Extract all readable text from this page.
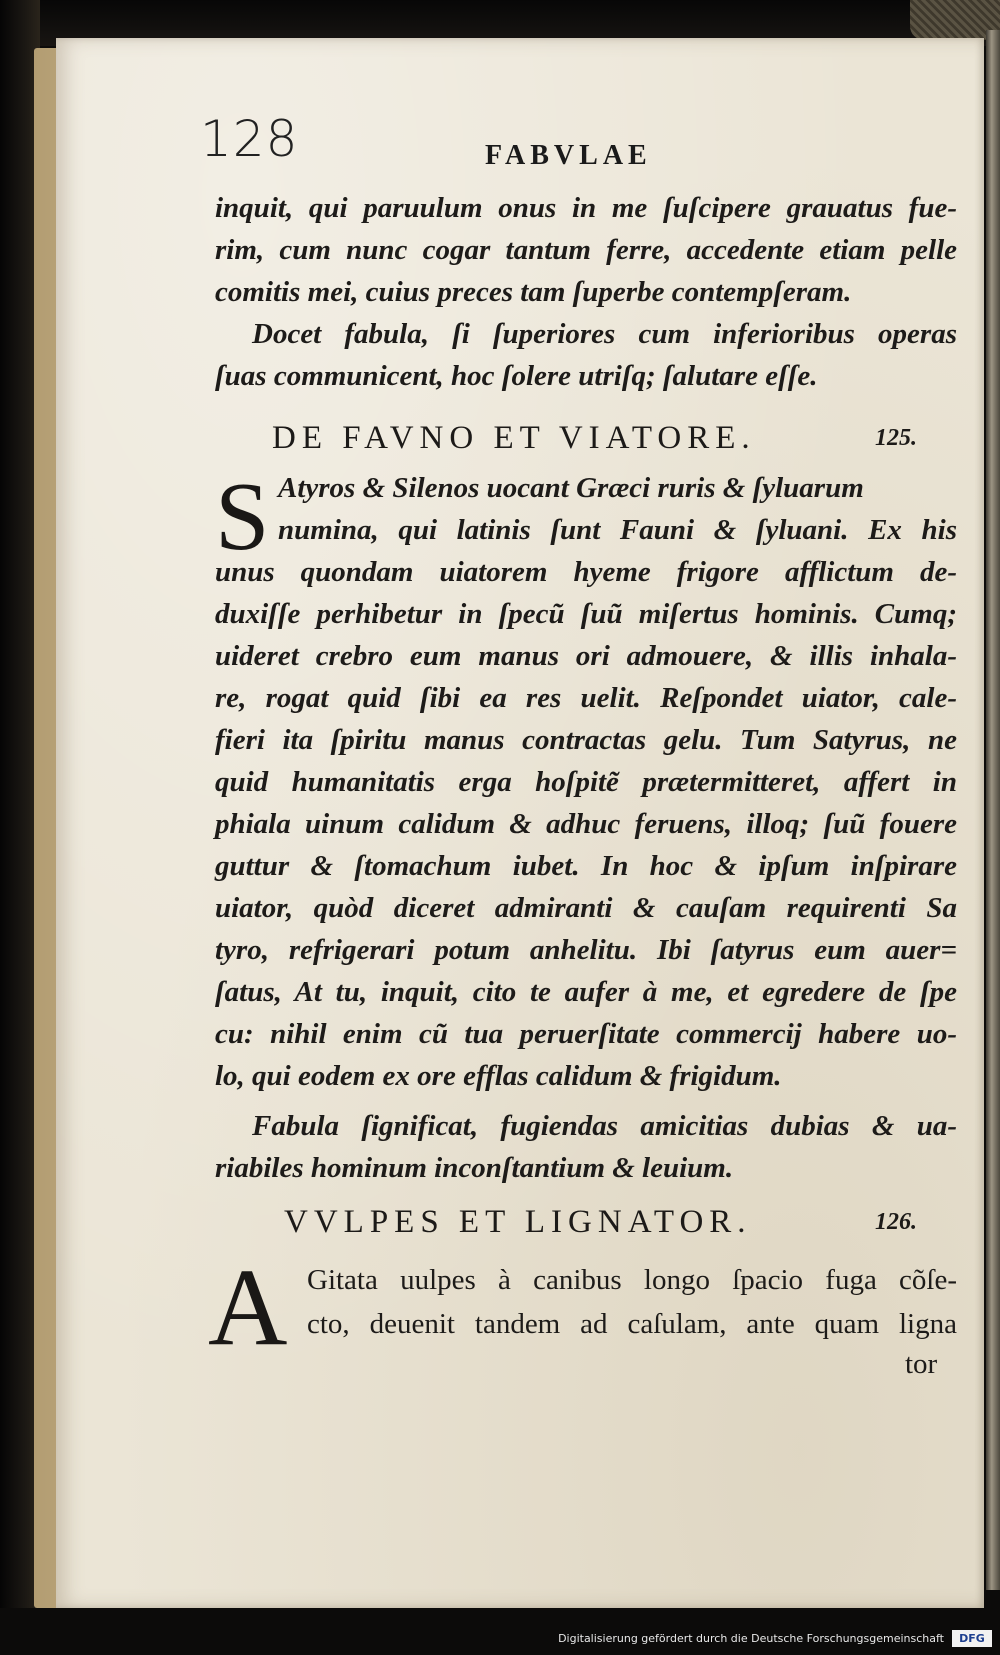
128	FABVLAE
inquit, qui paruulum onus in me ſuſcipere grauatus fue-
rim, cum nunc cogar tantum ferre, accedente etiam pelle
comitis mei, cuius preces tam ſuperbe contempſeram.
Docet fabula, ſi ſuperiores cum inferioribus operas
ſuas communicent, hoc ſolere utriſq; ſalutare eſſe.
DE FAVNO ET VIATORE.	125.
S Atyros & Silenos uocant Græci ruris & ſyluarum
numina, qui latinis ſunt Fauni & ſyluani. Ex his
unus quondam uiatorem hyeme frigore afflictum de-
duxiſſe perhibetur in ſpecũ ſuũ miſertus hominis. Cumq;
uideret crebro eum manus ori admouere, & illis inhala-
re, rogat quid ſibi ea res uelit. Reſpondet uiator, cale-
fieri ita ſpiritu manus contractas gelu. Tum Satyrus, ne
quid humanitatis erga hoſpitẽ prætermitteret, affert in
phiala uinum calidum & adhuc feruens, illoq; ſuũ fouere
guttur & ſtomachum iubet. In hoc & ipſum inſpirare
uiator, quòd diceret admiranti & cauſam requirenti Sa
tyro, refrigerari potum anhelitu. Ibi ſatyrus eum auer=
ſatus, At tu, inquit, cito te aufer à me, et egredere de ſpe
cu: nihil enim cũ tua peruerſitate commercij habere uo-
lo, qui eodem ex ore efflas calidum & frigidum.
Fabula ſignificat, fugiendas amicitias dubias & ua-
riabiles hominum inconſtantium & leuium.
VVLPES ET LIGNATOR.	126.
A Gitata uulpes à canibus longo ſpacio fuga cõſe-
cto, deuenit tandem ad caſulam, ante quam ligna
tor
Digitalisierung gefördert durch die Deutsche Forschungsgemeinschaft	DFG
